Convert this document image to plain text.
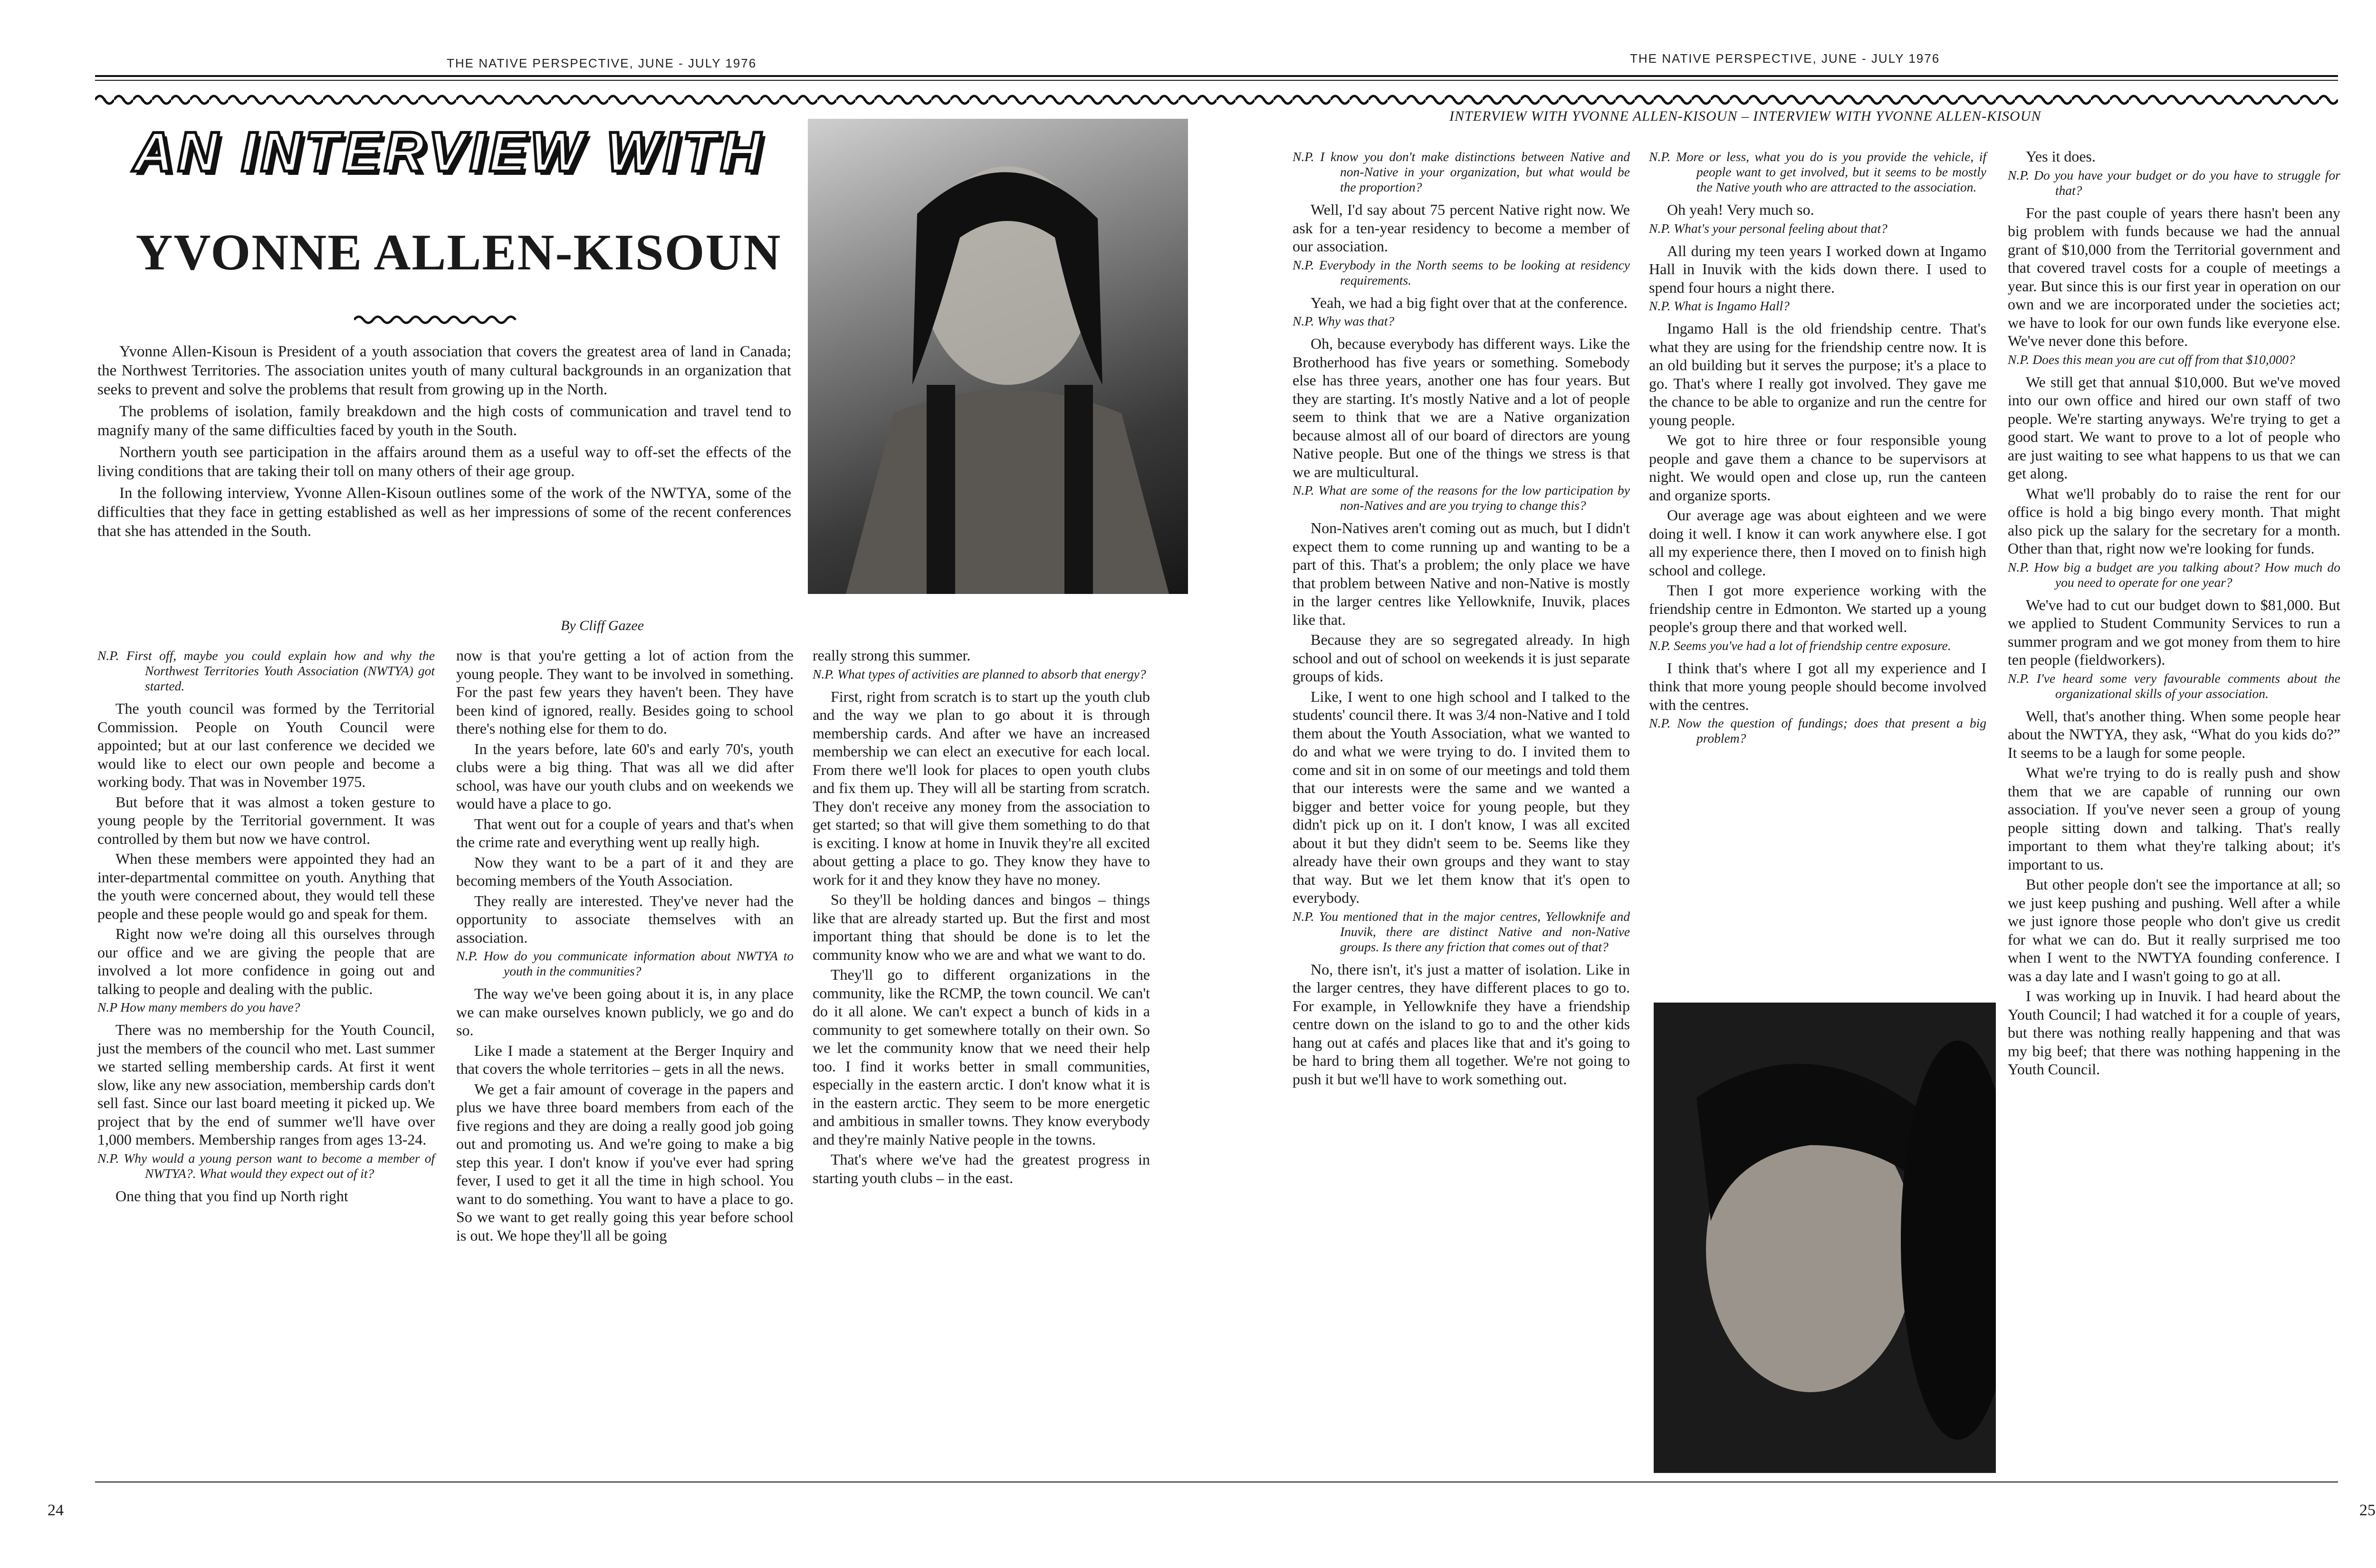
THE NATIVE PERSPECTIVE, JUNE - JULY 1976	THE NATIVE PERSPECTIVE, JUNE - JULY 1976
INTERVIEW WITH YVONNE ALLEN-KISOUN – INTERVIEW WITH YVONNE ALLEN-KISOUN
AN INTERVIEW WITH
YVONNE ALLEN-KISOUN

Yvonne Allen-Kisoun is President of a youth association that covers the greatest area of land in Canada; the Northwest Territories. The association unites youth of many cultural backgrounds in an organization that seeks to prevent and solve the problems that result from growing up in the North.

The problems of isolation, family breakdown and the high costs of communication and travel tend to magnify many of the same difficulties faced by youth in the South.

Northern youth see participation in the affairs around them as a useful way to off-set the effects of the living conditions that are taking their toll on many others of their age group.

In the following interview, Yvonne Allen-Kisoun outlines some of the work of the NWTYA, some of the difficulties that they face in getting established as well as her impressions of some of the recent conferences that she has attended in the South.

By Cliff Gazee

N.P. First off, maybe you could explain how and why the Northwest Territories Youth Association (NWTYA) got started.

The youth council was formed by the Territorial Commission. People on Youth Council were appointed; but at our last conference we decided we would like to elect our own people and become a working body. That was in November 1975.

But before that it was almost a token gesture to young people by the Territorial government. It was controlled by them but now we have control.

When these members were appointed they had an inter-departmental committee on youth. Anything that the youth were concerned about, they would tell these people and these people would go and speak for them.

Right now we're doing all this ourselves through our office and we are giving the people that are involved a lot more confidence in going out and talking to people and dealing with the public.

N.P How many members do you have?

There was no membership for the Youth Council, just the members of the council who met. Last summer we started selling membership cards. At first it went slow, like any new association, membership cards don't sell fast. Since our last board meeting it picked up. We project that by the end of summer we'll have over 1,000 members. Membership ranges from ages 13-24.

N.P. Why would a young person want to become a member of NWTYA?. What would they expect out of it?

One thing that you find up North right

now is that you're getting a lot of action from the young people. They want to be involved in something. For the past few years they haven't been. They have been kind of ignored, really. Besides going to school there's nothing else for them to do.

In the years before, late 60's and early 70's, youth clubs were a big thing. That was all we did after school, was have our youth clubs and on weekends we would have a place to go.

That went out for a couple of years and that's when the crime rate and everything went up really high.

Now they want to be a part of it and they are becoming members of the Youth Association.

They really are interested. They've never had the opportunity to associate themselves with an association.

N.P. How do you communicate information about NWTYA to youth in the communities?

The way we've been going about it is, in any place we can make ourselves known publicly, we go and do so.

Like I made a statement at the Berger Inquiry and that covers the whole territories – gets in all the news.

We get a fair amount of coverage in the papers and plus we have three board members from each of the five regions and they are doing a really good job going out and promoting us. And we're going to make a big step this year. I don't know if you've ever had spring fever, I used to get it all the time in high school. You want to do something. You want to have a place to go. So we want to get really going this year before school is out. We hope they'll all be going

really strong this summer.

N.P. What types of activities are planned to absorb that energy?

First, right from scratch is to start up the youth club and the way we plan to go about it is through membership cards. And after we have an increased membership we can elect an executive for each local. From there we'll look for places to open youth clubs and fix them up. They will all be starting from scratch. They don't receive any money from the association to get started; so that will give them something to do that is exciting. I know at home in Inuvik they're all excited about getting a place to go. They know they have to work for it and they know they have no money.

So they'll be holding dances and bingos – things like that are already started up. But the first and most important thing that should be done is to let the community know who we are and what we want to do.

They'll go to different organizations in the community, like the RCMP, the town council. We can't do it all alone. We can't expect a bunch of kids in a community to get somewhere totally on their own. So we let the community know that we need their help too. I find it works better in small communities, especially in the eastern arctic. I don't know what it is in the eastern arctic. They seem to be more energetic and ambitious in smaller towns. They know everybody and they're mainly Native people in the towns.

That's where we've had the greatest progress in starting youth clubs – in the east.

N.P. I know you don't make distinctions between Native and non-Native in your organization, but what would be the proportion?

Well, I'd say about 75 percent Native right now. We ask for a ten-year residency to become a member of our association.

N.P. Everybody in the North seems to be looking at residency requirements.

Yeah, we had a big fight over that at the conference.

N.P. Why was that?

Oh, because everybody has different ways. Like the Brotherhood has five years or something. Somebody else has three years, another one has four years. But they are starting. It's mostly Native and a lot of people seem to think that we are a Native organization because almost all of our board of directors are young Native people. But one of the things we stress is that we are multicultural.

N.P. What are some of the reasons for the low participation by non-Natives and are you trying to change this?

Non-Natives aren't coming out as much, but I didn't expect them to come running up and wanting to be a part of this. That's a problem; the only place we have that problem between Native and non-Native is mostly in the larger centres like Yellowknife, Inuvik, places like that.

Because they are so segregated already. In high school and out of school on weekends it is just separate groups of kids.

Like, I went to one high school and I talked to the students' council there. It was 3/4 non-Native and I told them about the Youth Association, what we wanted to do and what we were trying to do. I invited them to come and sit in on some of our meetings and told them that our interests were the same and we wanted a bigger and better voice for young people, but they didn't pick up on it. I don't know, I was all excited about it but they didn't seem to be. Seems like they already have their own groups and they want to stay that way. But we let them know that it's open to everybody.

N.P. You mentioned that in the major centres, Yellowknife and Inuvik, there are distinct Native and non-Native groups. Is there any friction that comes out of that?

No, there isn't, it's just a matter of isolation. Like in the larger centres, they have different places to go to. For example, in Yellowknife they have a friendship centre down on the island to go to and the other kids hang out at cafés and places like that and it's going to be hard to bring them all together. We're not going to push it but we'll have to work something out.

N.P. More or less, what you do is you provide the vehicle, if people want to get involved, but it seems to be mostly the Native youth who are attracted to the association.

Oh yeah! Very much so.

N.P. What's your personal feeling about that?

All during my teen years I worked down at Ingamo Hall in Inuvik with the kids down there. I used to spend four hours a night there.

N.P. What is Ingamo Hall?

Ingamo Hall is the old friendship centre. That's what they are using for the friendship centre now. It is an old building but it serves the purpose; it's a place to go. That's where I really got involved. They gave me the chance to be able to organize and run the centre for young people.

We got to hire three or four responsible young people and gave them a chance to be supervisors at night. We would open and close up, run the canteen and organize sports.

Our average age was about eighteen and we were doing it well. I know it can work anywhere else. I got all my experience there, then I moved on to finish high school and college.

Then I got more experience working with the friendship centre in Edmonton. We started up a young people's group there and that worked well.

N.P. Seems you've had a lot of friendship centre exposure.

I think that's where I got all my experience and I think that more young people should become involved with the centres.

N.P. Now the question of fundings; does that present a big problem?

Yes it does.

N.P. Do you have your budget or do you have to struggle for that?

For the past couple of years there hasn't been any big problem with funds because we had the annual grant of $10,000 from the Territorial government and that covered travel costs for a couple of meetings a year. But since this is our first year in operation on our own and we are incorporated under the societies act; we have to look for our own funds like everyone else. We've never done this before.

N.P. Does this mean you are cut off from that $10,000?

We still get that annual $10,000. But we've moved into our own office and hired our own staff of two people. We're starting anyways. We're trying to get a good start. We want to prove to a lot of people who are just waiting to see what happens to us that we can get along.

What we'll probably do to raise the rent for our office is hold a big bingo every month. That might also pick up the salary for the secretary for a month. Other than that, right now we're looking for funds.

N.P. How big a budget are you talking about? How much do you need to operate for one year?

We've had to cut our budget down to $81,000. But we applied to Student Community Services to run a summer program and we got money from them to hire ten people (fieldworkers).

N.P. I've heard some very favourable comments about the organizational skills of your association.

Well, that's another thing. When some people hear about the NWTYA, they ask, “What do you kids do?” It seems to be a laugh for some people.

What we're trying to do is really push and show them that we are capable of running our own association. If you've never seen a group of young people sitting down and talking. That's really important to them what they're talking about; it's important to us.

But other people don't see the importance at all; so we just keep pushing and pushing. Well after a while we just ignore those people who don't give us credit for what we can do. But it really surprised me too when I went to the NWTYA founding conference. I was a day late and I wasn't going to go at all.

I was working up in Inuvik. I had heard about the Youth Council; I had watched it for a couple of years, but there was nothing really happening and that was my big beef; that there was nothing happening in the Youth Council.

24	25
